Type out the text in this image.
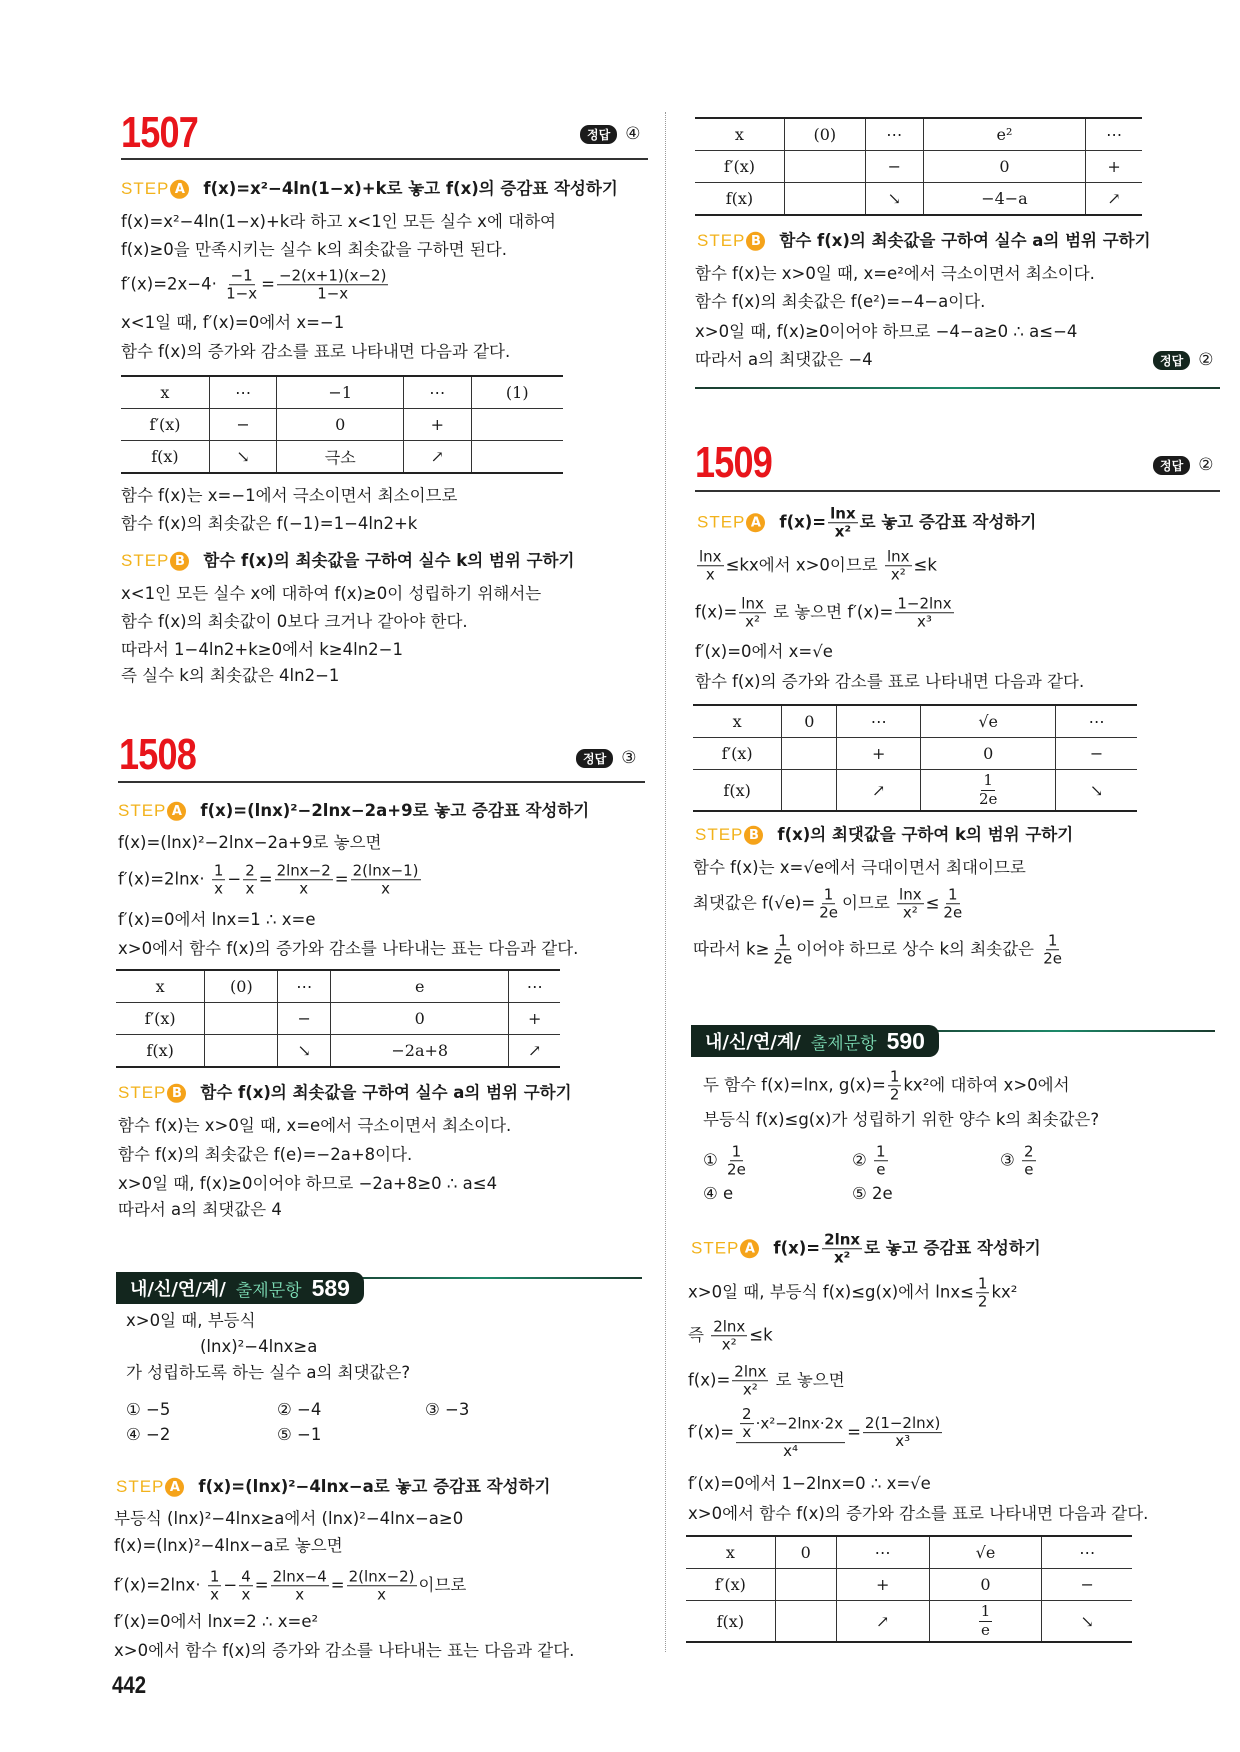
1507	정답 ④
STEP A f(x)=x²−4ln(1−x)+k로 놓고 f(x)의 증감표 작성하기
f(x)=x²−4ln(1−x)+k라 하고 x<1인 모든 실수 x에 대하여
f(x)≥0을 만족시키는 실수 k의 최솟값을 구하면 된다.
$f'(x)=2x-4\cdot \frac{-1}{1-x} = \frac{-2(x+1)(x-2)}{1-x}$
x<1일 때, f′(x)=0에서 x=−1
함수 f(x)의 증가와 감소를 표로 나타내면 다음과 같다.
x	⋯	−1	⋯	(1)
f′(x)	−	0	+	
f(x)	↘	극소	↗	
함수 f(x)는 x=−1에서 극소이면서 최소이므로
함수 f(x)의 최솟값은 f(−1)=1−4ln2+k
STEP B 함수 f(x)의 최솟값을 구하여 실수 k의 범위 구하기
x<1인 모든 실수 x에 대하여 f(x)≥0이 성립하기 위해서는
함수 f(x)의 최솟값이 0보다 크거나 같아야 한다.
따라서 1−4ln2+k≥0에서 k≥4ln2−1
즉 실수 k의 최솟값은 4ln2−1
1508	정답 ③
STEP A f(x)=(lnx)²−2lnx−2a+9로 놓고 증감표 작성하기
f(x)=(lnx)²−2lnx−2a+9로 놓으면
$f'(x)=2\ln x\cdot \frac{1}{x} - \frac{2}{x} = \frac{2\ln x-2}{x} = \frac{2(\ln x-1)}{x}$
f′(x)=0에서 lnx=1 ∴ x=e
x>0에서 함수 f(x)의 증가와 감소를 나타내는 표는 다음과 같다.
x	(0)	⋯	e	⋯
f′(x)		−	0	+
f(x)		↘	−2a+8	↗
STEP B 함수 f(x)의 최솟값을 구하여 실수 a의 범위 구하기
함수 f(x)는 x>0일 때, x=e에서 극소이면서 최소이다.
함수 f(x)의 최솟값은 f(e)=−2a+8이다.
x>0일 때, f(x)≥0이어야 하므로 −2a+8≥0 ∴ a≤4
따라서 a의 최댓값은 4
내/신/연/계/ 출제문항 589
x>0일 때, 부등식
(lnx)²−4lnx≥a
가 성립하도록 하는 실수 a의 최댓값은?
① −5	② −4	③ −3
④ −2	⑤ −1
STEP A f(x)=(lnx)²−4lnx−a로 놓고 증감표 작성하기
부등식 (lnx)²−4lnx≥a에서 (lnx)²−4lnx−a≥0
f(x)=(lnx)²−4lnx−a로 놓으면
$f'(x)=2\ln x\cdot \frac{1}{x} - \frac{4}{x} = \frac{2\ln x-4}{x} = \frac{2(\ln x-2)}{x}$ 이므로
f′(x)=0에서 lnx=2 ∴ x=e²
x>0에서 함수 f(x)의 증가와 감소를 나타내는 표는 다음과 같다.
442
x	(0)	⋯	e²	⋯
f′(x)		−	0	+
f(x)		↘	−4−a	↗
STEP B 함수 f(x)의 최솟값을 구하여 실수 a의 범위 구하기
함수 f(x)는 x>0일 때, x=e²에서 극소이면서 최소이다.
함수 f(x)의 최솟값은 f(e²)=−4−a이다.
x>0일 때, f(x)≥0이어야 하므로 −4−a≥0 ∴ a≤−4
따라서 a의 최댓값은 −4	정답 ②
1509	정답 ②
STEP A $f(x)= \frac{\ln x}{\text{x²}}$ 로 놓고 증감표 작성하기
$\frac{\ln x}{x} \le kx$에서 x>0이므로 $\frac{\ln x}{\text{x²}} \le k$
$f(x)= \frac{\ln x}{\text{x²}}$ 로 놓으면 $f'(x)= \frac{1-2\ln x}{\text{x³}}$
f′(x)=0에서 x=√e
함수 f(x)의 증가와 감소를 표로 나타내면 다음과 같다.
x	0	⋯	√e	⋯
f′(x)		+	0	−
f(x)		↗	$\frac{1}{2e}$	↘
STEP B f(x)의 최댓값을 구하여 k의 범위 구하기
함수 f(x)는 x=√e에서 극대이면서 최대이므로
최댓값은 $f(√e)= \frac{1}{2e}$ 이므로 $\frac{\ln x}{\text{x²}} \le \frac{1}{2e}$
따라서 $k\ge \frac{1}{2e}$ 이어야 하므로 상수 k의 최솟값은 $\frac{1}{2e}$
내/신/연/계/ 출제문항 590
두 함수 f(x)=lnx, $g(x)= \frac{1}{2} kx^2$에 대하여 x>0에서
부등식 f(x)≤g(x)가 성립하기 위한 양수 k의 최솟값은?
① $\frac{1}{2e}$	② $\frac{1}{e}$	③ $\frac{2}{e}$
④ e	⑤ 2e
STEP A $f(x)= \frac{2\ln x}{\text{x²}}$ 로 놓고 증감표 작성하기
x>0일 때, 부등식 f(x)≤g(x)에서 $\ln x\le \frac{1}{2} kx^2$
즉 $\frac{2\ln x}{\text{x²}} \le k$
$f(x)= \frac{2\ln x}{\text{x²}}$ 로 놓으면
$f'(x)= \frac{\frac{2}{x} \cdot x^2-2\ln x\cdot 2x}{\text{x⁴}} = \frac{2(1-2\ln x)}{\text{x³}}$
f′(x)=0에서 1−2lnx=0 ∴ x=√e
x>0에서 함수 f(x)의 증가와 감소를 표로 나타내면 다음과 같다.
x	0	⋯	√e	⋯
f′(x)		+	0	−
f(x)		↗	$\frac{1}{e}$	↘
